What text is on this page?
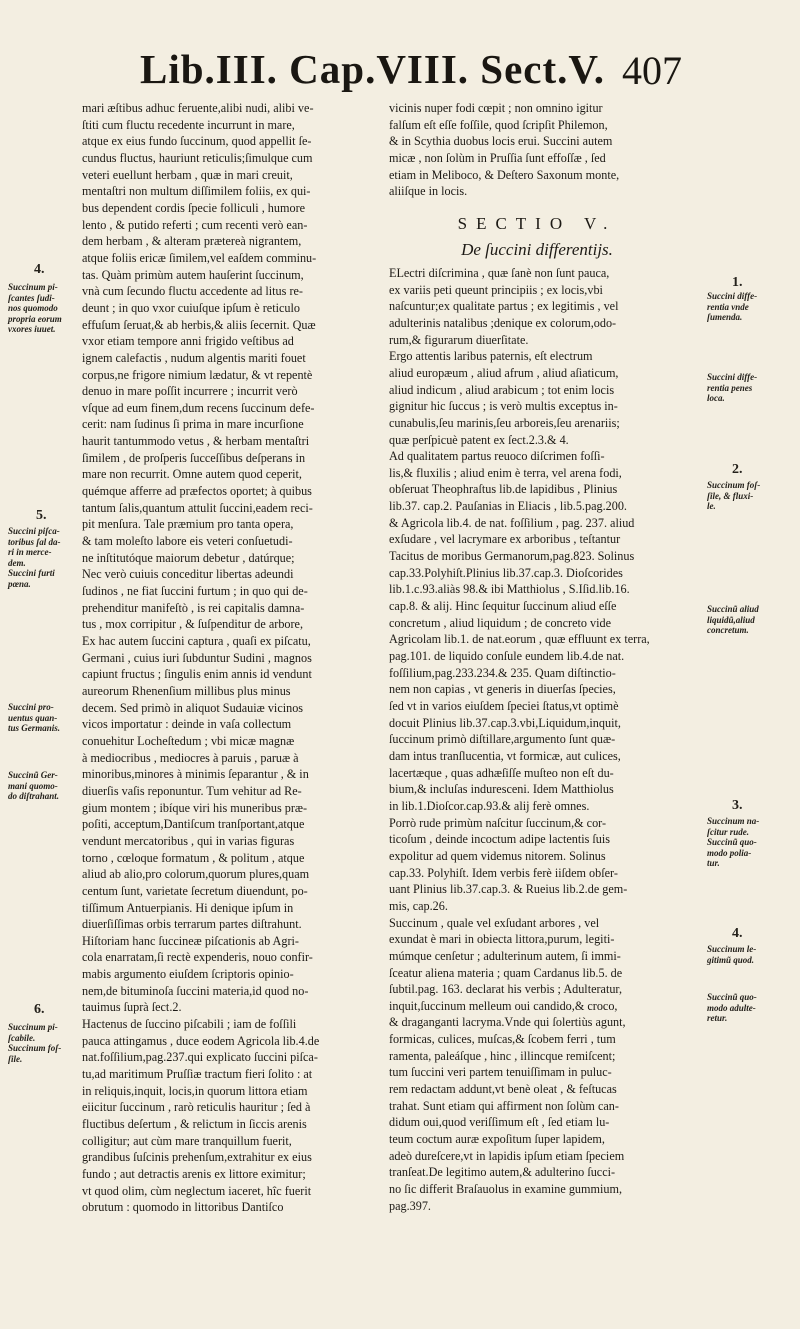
Lib.III. Cap.VIII. Sect.V. 407

mari æſtibus adhuc feruente,alibi nudi, alibi ve-
ſtiti cum fluctu recedente incurrunt in mare,
atque ex eius fundo ſuccinum, quod appellit ſe-
cundus fluctus, hauriunt reticulis;ſimulque cum
veteri euellunt herbam , quæ in mari creuit,
mentaſtri non multum diſſimilem foliis, ex qui-
bus dependent cordis ſpecie folliculi , humore
lento , & putido referti ; cum recenti verò ean-
dem herbam , & alteram prætereà nigrantem,
atque foliis ericæ ſimilem,vel eaſdem comminu-
tas. Quàm primùm autem hauſerint ſuccinum,
vnà cum ſecundo fluctu accedente ad litus re-
deunt ; in quo vxor cuiuſque ipſum è reticulo
effuſum ſeruat,& ab herbis,& aliis ſecernit. Quæ
vxor etiam tempore anni frigido veſtibus ad
ignem calefactis , nudum algentis mariti fouet
corpus,ne frigore nimium lædatur, & vt repentè
denuo in mare poſſit incurrere ; incurrit verò
vſque ad eum finem,dum recens ſuccinum defe-
cerit: nam ſudinus ſi prima in mare incurſione
haurit tantummodo vetus , & herbam mentaſtri
ſimilem , de proſperis ſucceſſibus deſperans in
mare non recurrit. Omne autem quod ceperit,
quémque afferre ad præfectos oportet; à quibus
tantum ſalis,quantum attulit ſuccini,eadem reci-
pit menſura. Tale præmium pro tanta opera,
& tam moleſto labore eis veteri conſuetudi-
ne inſtitutóque maiorum debetur , datúrque;
Nec verò cuiuis conceditur libertas adeundi
ſudinos , ne fiat ſuccini furtum ; in quo qui de-
prehenditur manifeſtò , is rei capitalis damna-
tus , mox corripitur , & ſuſpenditur de arbore,
Ex hac autem ſuccini captura , quaſi ex piſcatu,
Germani , cuius iuri ſubduntur Sudini , magnos
capiunt fructus ; ſingulis enim annis id vendunt
aureorum Rhenenſium millibus plus minus
decem. Sed primò in aliquot Sudauiæ vicinos
vicos importatur : deinde in vaſa collectum
conuehitur Locheſtedum ; vbi micæ magnæ
à mediocribus , mediocres à paruis , paruæ à
minoribus,minores à minimis ſeparantur , & in
diuerſis vaſis reponuntur. Tum vehitur ad Re-
gium montem ; ibíque viri his muneribus præ-
poſiti, acceptum,Dantiſcum tranſportant,atque
vendunt mercatoribus , qui in varias figuras
torno , cœloque formatum , & politum , atque
aliud ab alio,pro colorum,quorum plures,quam
centum ſunt, varietate ſecretum diuendunt, po-
tiſſimum Antuerpianis. Hi denique ipſum in
diuerſiſſimas orbis terrarum partes diſtrahunt.
Hiſtoriam hanc ſuccineæ piſcationis ab Agri-
cola enarratam,ſi rectè expenderis, nouo confir-
mabis argumento eiuſdem ſcriptoris opinio-
nem,de bituminoſa ſuccini materia,id quod no-
tauimus ſuprà ſect.2.
Hactenus de ſuccino piſcabili ; iam de foſſili
pauca attingamus , duce eodem Agricola lib.4.de
nat.foſſilium,pag.237.qui explicato ſuccini piſca-
tu,ad maritimum Pruſſiæ tractum fieri ſolito : at
in reliquis,inquit, locis,in quorum littora etiam
eiicitur ſuccinum , rarò reticulis hauritur ; ſed à
fluctibus deſertum , & relictum in ſiccis arenis
colligitur; aut cùm mare tranquillum fuerit,
grandibus ſuſcinis prehenſum,extrahitur ex eius
fundo ; aut detractis arenis ex littore eximitur;
vt quod olim, cùm neglectum iaceret, hîc fuerit
obrutum : quomodo in littoribus Dantiſco

vicinis nuper fodi cœpit ; non omnino igitur
falſum eſt eſſe foſſile, quod ſcripſit Philemon,
& in Scythia duobus locis erui. Succini autem
micæ , non ſolùm in Pruſſia ſunt effoſſæ , ſed
etiam in Meliboco, & Deſtero Saxonum monte,
aliiſque in locis.

SECTIO V.
De ſuccini differentijs.

ELectri diſcrimina , quæ ſanè non ſunt pauca,
ex variis peti queunt principiis ; ex locis,vbi
naſcuntur;ex qualitate partus ; ex legitimis , vel
adulterinis natalibus ;denique ex colorum,odo-
rum,& figurarum diuerſitate.
Ergo attentis laribus paternis, eſt electrum
aliud europæum , aliud afrum , aliud aſiaticum,
aliud indicum , aliud arabicum ; tot enim locis
gignitur hic ſuccus ; is verò multis exceptus in-
cunabulis,ſeu marinis,ſeu arboreis,ſeu arenariis;
quæ perſpicuè patent ex ſect.2.3.& 4.
Ad qualitatem partus reuoco diſcrimen foſſi-
lis,& fluxilis ; aliud enim è terra, vel arena fodi,
obſeruat Theophraſtus lib.de lapidibus , Plinius
lib.37. cap.2. Pauſanias in Eliacis , lib.5.pag.200.
& Agricola lib.4. de nat. foſſilium , pag. 237. aliud
exſudare , vel lacrymare ex arboribus , teſtantur
Tacitus de moribus Germanorum,pag.823. Solinus
cap.33.Polyhiſt.Plinius lib.37.cap.3. Dioſcorides
lib.1.c.93.aliàs 98.& ibi Matthiolus , S.Iſid.lib.16.
cap.8. & alij. Hinc ſequitur ſuccinum aliud eſſe
concretum , aliud liquidum ; de concreto vide
Agricolam lib.1. de nat.eorum , quæ effluunt ex terra,
pag.101. de liquido conſule eundem lib.4.de nat.
foſſilium,pag.233.234.& 235. Quam diſtinctio-
nem non capias , vt generis in diuerſas ſpecies,
ſed vt in varios eiuſdem ſpeciei ſtatus,vt optimè
docuit Plinius lib.37.cap.3.vbi,Liquidum,inquit,
ſuccinum primò diſtillare,argumento ſunt quæ-
dam intus tranſlucentia, vt formicæ, aut culices,
lacertæque , quas adhæſiſſe muſteo non eſt du-
bium,& incluſas induresceni. Idem Matthiolus
in lib.1.Dioſcor.cap.93.& alij ferè omnes.
Porrò rude primùm naſcitur ſuccinum,& cor-
ticoſum , deinde incoctum adipe lactentis ſuis
expolitur ad quem videmus nitorem. Solinus
cap.33. Polyhiſt. Idem verbis ferè iiſdem obſer-
uant Plinius lib.37.cap.3. & Rueius lib.2.de gem-
mis, cap.26.
Succinum , quale vel exſudant arbores , vel
exundat è mari in obiecta littora,purum, legiti-
múmque cenſetur ; adulterinum autem, ſi immi-
ſceatur aliena materia ; quam Cardanus lib.5. de
ſubtil.pag. 163. declarat his verbis ; Adulteratur,
inquit,ſuccinum melleum oui candido,& croco,
& draganganti lacryma.Vnde qui ſolertiùs agunt,
formicas, culices, muſcas,& ſcobem ferri , tum
ramenta, paleáſque , hinc , illincque remiſcent;
tum ſuccini veri partem tenuiſſimam in puluc-
rem redactam addunt,vt benè oleat , & feſtucas
trahat. Sunt etiam qui affirment non ſolùm can-
didum oui,quod veriſſimum eſt , ſed etiam lu-
teum coctum auræ expoſitum ſuper lapidem,
adeò dureſcere,vt in lapidis ipſum etiam ſpeciem
tranſeat.De legitimo autem,& adulterino ſucci-
no ſic differit Braſauolus in examine gummium,
pag.397.

4.
Succinum pi-
ſcantes ſudi-
nos quomodo
propria eorum
vxores iuuet.
5.
Succini piſca-
toribus ſal da-
ri in merce-
dem.
Succini furti
pœna.
Succini pro-
uentus quan-
tus Germanis.
Succinũ Ger-
mani quomo-
do diſtrahant.
6.
Succinum pi-
ſcabile.
Succinum foſ-
ſile.
1.
Succini diffe-
rentia vnde
ſumenda.
Succini diffe-
rentia penes
loca.
2.
Succinum foſ-
ſile, & fluxi-
le.
Succinũ aliud
liquidũ,aliud
concretum.
3.
Succinum na-
ſcitur rude.
Succinũ quo-
modo polia-
tur.
4.
Succinum le-
gitimũ quod.
Succinũ quo-
modo adulte-
retur.
